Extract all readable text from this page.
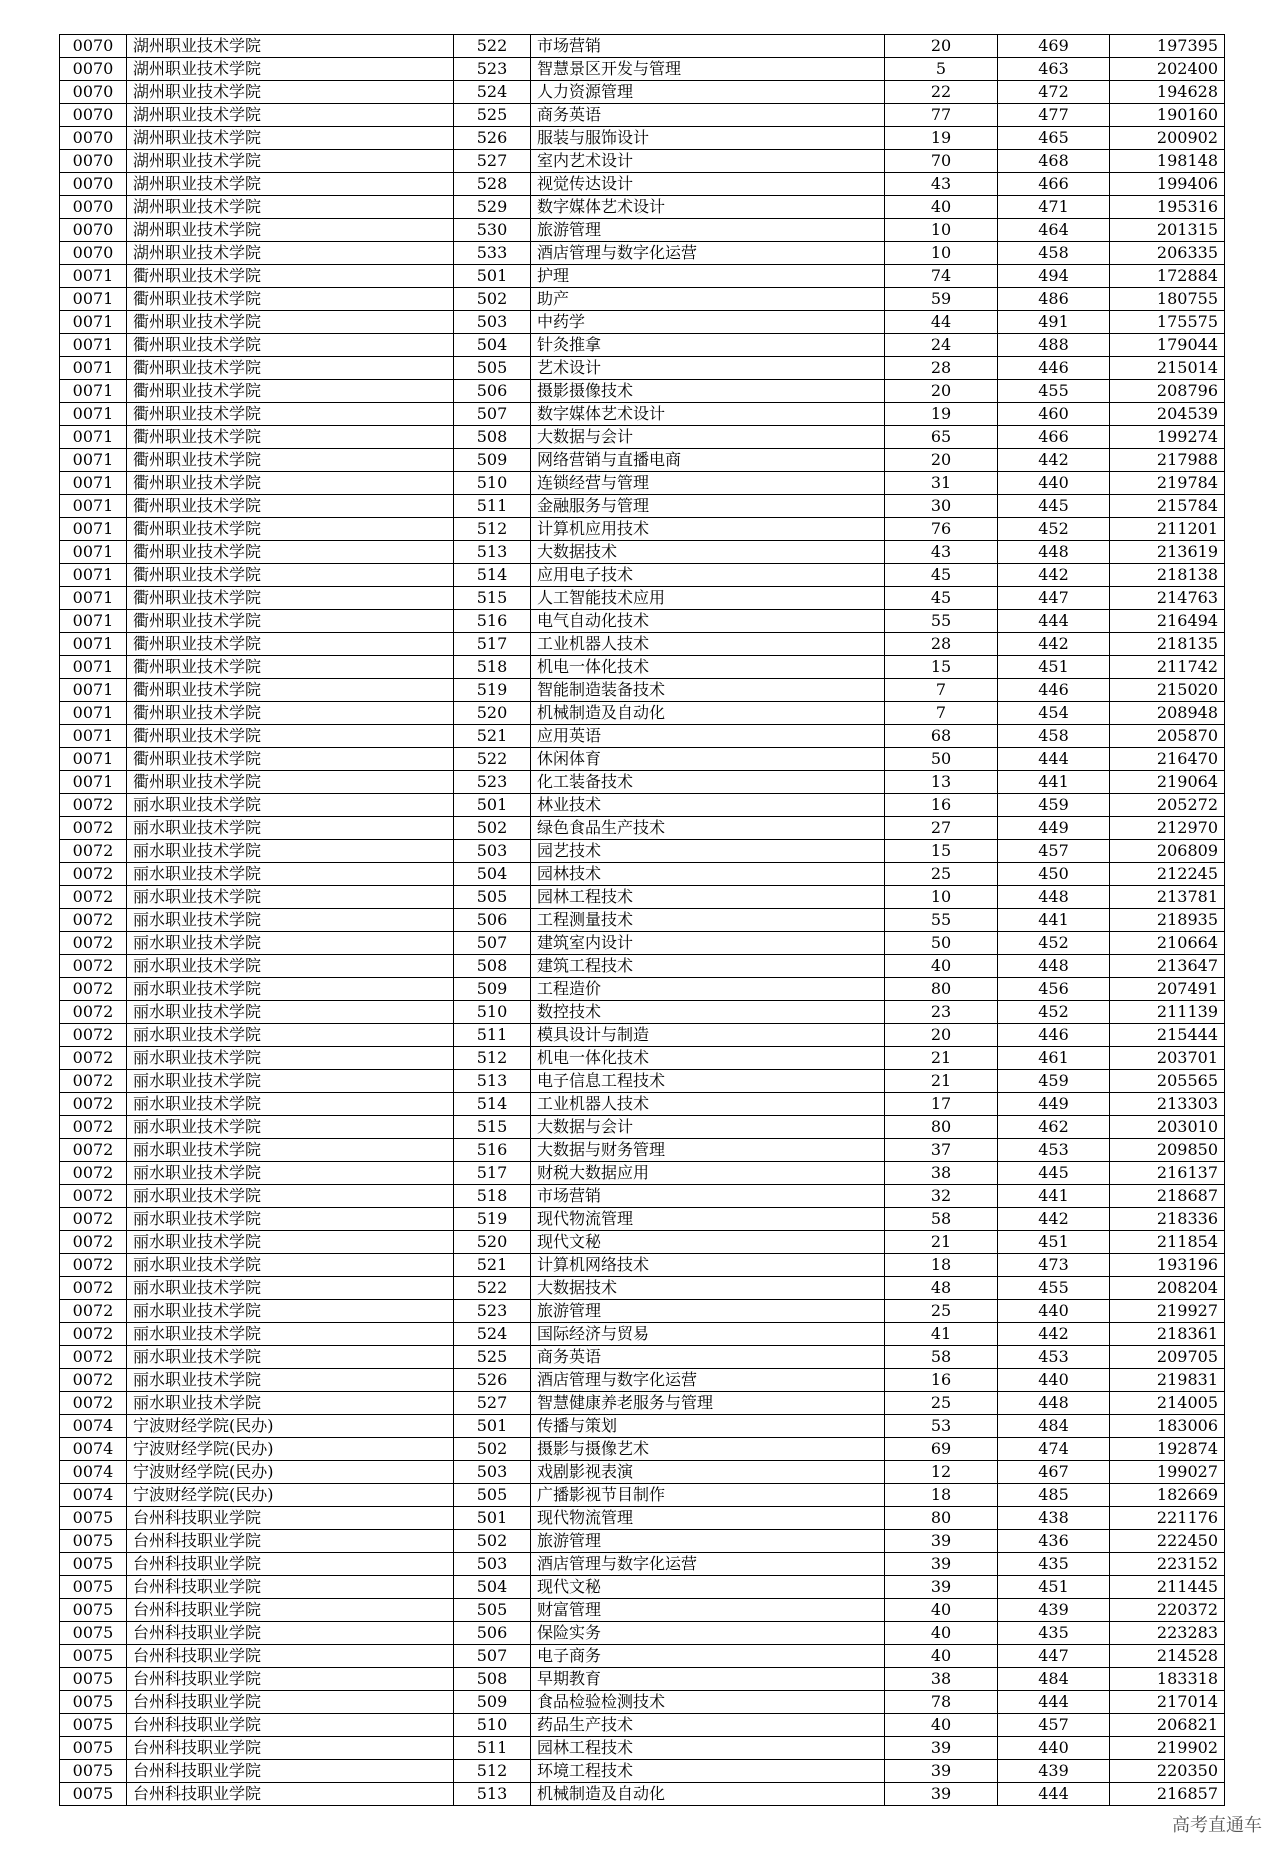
0070	湖州职业技术学院	522	市场营销	20	469	197395
0070	湖州职业技术学院	523	智慧景区开发与管理	5	463	202400
0070	湖州职业技术学院	524	人力资源管理	22	472	194628
0070	湖州职业技术学院	525	商务英语	77	477	190160
0070	湖州职业技术学院	526	服装与服饰设计	19	465	200902
0070	湖州职业技术学院	527	室内艺术设计	70	468	198148
0070	湖州职业技术学院	528	视觉传达设计	43	466	199406
0070	湖州职业技术学院	529	数字媒体艺术设计	40	471	195316
0070	湖州职业技术学院	530	旅游管理	10	464	201315
0070	湖州职业技术学院	533	酒店管理与数字化运营	10	458	206335
0071	衢州职业技术学院	501	护理	74	494	172884
0071	衢州职业技术学院	502	助产	59	486	180755
0071	衢州职业技术学院	503	中药学	44	491	175575
0071	衢州职业技术学院	504	针灸推拿	24	488	179044
0071	衢州职业技术学院	505	艺术设计	28	446	215014
0071	衢州职业技术学院	506	摄影摄像技术	20	455	208796
0071	衢州职业技术学院	507	数字媒体艺术设计	19	460	204539
0071	衢州职业技术学院	508	大数据与会计	65	466	199274
0071	衢州职业技术学院	509	网络营销与直播电商	20	442	217988
0071	衢州职业技术学院	510	连锁经营与管理	31	440	219784
0071	衢州职业技术学院	511	金融服务与管理	30	445	215784
0071	衢州职业技术学院	512	计算机应用技术	76	452	211201
0071	衢州职业技术学院	513	大数据技术	43	448	213619
0071	衢州职业技术学院	514	应用电子技术	45	442	218138
0071	衢州职业技术学院	515	人工智能技术应用	45	447	214763
0071	衢州职业技术学院	516	电气自动化技术	55	444	216494
0071	衢州职业技术学院	517	工业机器人技术	28	442	218135
0071	衢州职业技术学院	518	机电一体化技术	15	451	211742
0071	衢州职业技术学院	519	智能制造装备技术	7	446	215020
0071	衢州职业技术学院	520	机械制造及自动化	7	454	208948
0071	衢州职业技术学院	521	应用英语	68	458	205870
0071	衢州职业技术学院	522	休闲体育	50	444	216470
0071	衢州职业技术学院	523	化工装备技术	13	441	219064
0072	丽水职业技术学院	501	林业技术	16	459	205272
0072	丽水职业技术学院	502	绿色食品生产技术	27	449	212970
0072	丽水职业技术学院	503	园艺技术	15	457	206809
0072	丽水职业技术学院	504	园林技术	25	450	212245
0072	丽水职业技术学院	505	园林工程技术	10	448	213781
0072	丽水职业技术学院	506	工程测量技术	55	441	218935
0072	丽水职业技术学院	507	建筑室内设计	50	452	210664
0072	丽水职业技术学院	508	建筑工程技术	40	448	213647
0072	丽水职业技术学院	509	工程造价	80	456	207491
0072	丽水职业技术学院	510	数控技术	23	452	211139
0072	丽水职业技术学院	511	模具设计与制造	20	446	215444
0072	丽水职业技术学院	512	机电一体化技术	21	461	203701
0072	丽水职业技术学院	513	电子信息工程技术	21	459	205565
0072	丽水职业技术学院	514	工业机器人技术	17	449	213303
0072	丽水职业技术学院	515	大数据与会计	80	462	203010
0072	丽水职业技术学院	516	大数据与财务管理	37	453	209850
0072	丽水职业技术学院	517	财税大数据应用	38	445	216137
0072	丽水职业技术学院	518	市场营销	32	441	218687
0072	丽水职业技术学院	519	现代物流管理	58	442	218336
0072	丽水职业技术学院	520	现代文秘	21	451	211854
0072	丽水职业技术学院	521	计算机网络技术	18	473	193196
0072	丽水职业技术学院	522	大数据技术	48	455	208204
0072	丽水职业技术学院	523	旅游管理	25	440	219927
0072	丽水职业技术学院	524	国际经济与贸易	41	442	218361
0072	丽水职业技术学院	525	商务英语	58	453	209705
0072	丽水职业技术学院	526	酒店管理与数字化运营	16	440	219831
0072	丽水职业技术学院	527	智慧健康养老服务与管理	25	448	214005
0074	宁波财经学院(民办)	501	传播与策划	53	484	183006
0074	宁波财经学院(民办)	502	摄影与摄像艺术	69	474	192874
0074	宁波财经学院(民办)	503	戏剧影视表演	12	467	199027
0074	宁波财经学院(民办)	505	广播影视节目制作	18	485	182669
0075	台州科技职业学院	501	现代物流管理	80	438	221176
0075	台州科技职业学院	502	旅游管理	39	436	222450
0075	台州科技职业学院	503	酒店管理与数字化运营	39	435	223152
0075	台州科技职业学院	504	现代文秘	39	451	211445
0075	台州科技职业学院	505	财富管理	40	439	220372
0075	台州科技职业学院	506	保险实务	40	435	223283
0075	台州科技职业学院	507	电子商务	40	447	214528
0075	台州科技职业学院	508	早期教育	38	484	183318
0075	台州科技职业学院	509	食品检验检测技术	78	444	217014
0075	台州科技职业学院	510	药品生产技术	40	457	206821
0075	台州科技职业学院	511	园林工程技术	39	440	219902
0075	台州科技职业学院	512	环境工程技术	39	439	220350
0075	台州科技职业学院	513	机械制造及自动化	39	444	216857
高考直通车
